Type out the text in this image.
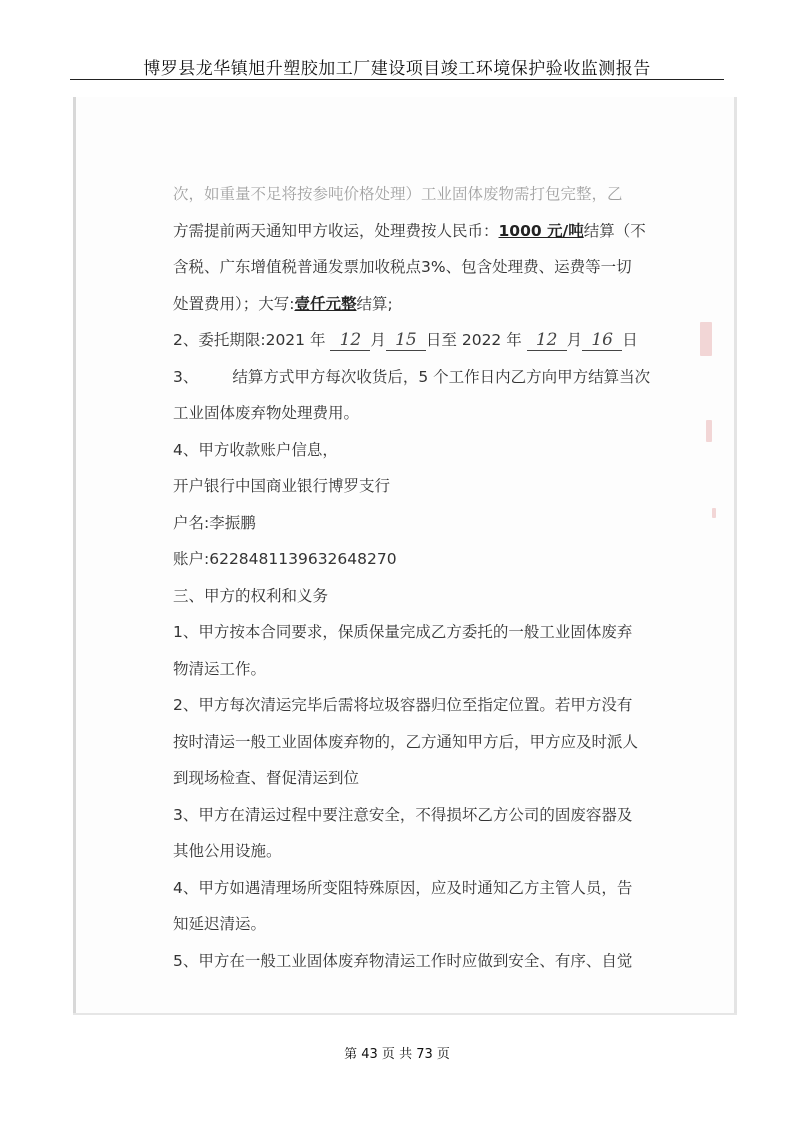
博罗县龙华镇旭升塑胶加工厂建设项目竣工环境保护验收监测报告
次，如重量不足将按参吨价格处理）工业固体废物需打包完整，乙
方需提前两天通知甲方收运，处理费按人民币：1000 元/吨结算（不
含税、广东增值税普通发票加收税点3%、包含处理费、运费等一切
处置费用）；大写:壹仟元整结算;
2、委托期限:2021 年 12 月 15 日至 2022 年 12 月 16 日
3、 结算方式甲方每次收货后，5 个工作日内乙方向甲方结算当次
工业固体废弃物处理费用。
4、甲方收款账户信息，
开户银行中国商业银行博罗支行
户名:李振鹏
账户:6228481139632648270
三、甲方的权利和义务
1、甲方按本合同要求，保质保量完成乙方委托的一般工业固体废弃
物清运工作。
2、甲方每次清运完毕后需将垃圾容器归位至指定位置。若甲方没有
按时清运一般工业固体废弃物的，乙方通知甲方后，甲方应及时派人
到现场检查、督促清运到位
3、甲方在清运过程中要注意安全，不得损坏乙方公司的固废容器及
其他公用设施。
4、甲方如遇清理场所变阻特殊原因，应及时通知乙方主管人员，告
知延迟清运。
5、甲方在一般工业固体废弃物清运工作时应做到安全、有序、自觉
第 43 页 共 73 页
